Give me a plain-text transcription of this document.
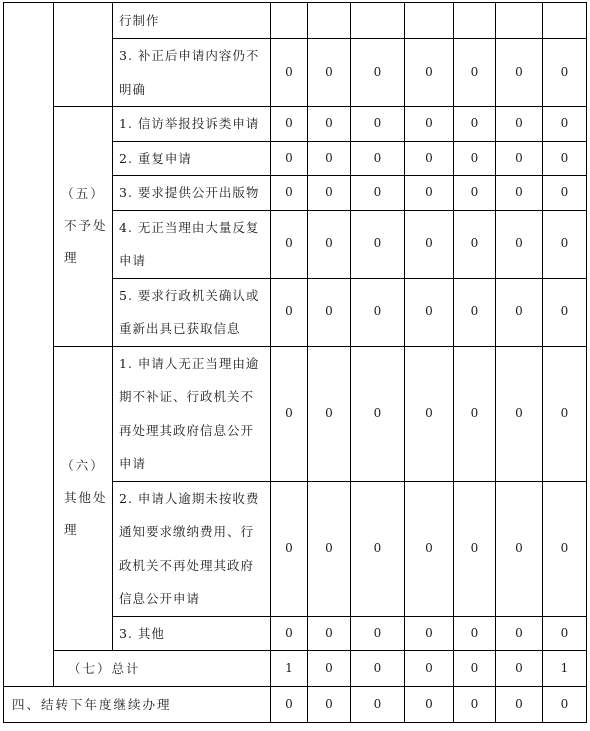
		行制作							
		3. 补正后申请内容仍不明确	0	0	0	0	0	0	0

	（五）
不予处理	1. 信访举报投诉类申请	0	0	0	0	0	0	0
		2. 重复申请	0	0	0	0	0	0	0
		3. 要求提供公开出版物	0	0	0	0	0	0	0
		4. 无正当理由大量反复申请	0	0	0	0	0	0	0
		5. 要求行政机关确认或重新出具已获取信息	0	0	0	0	0	0	0

	（六）
其他处理	1. 申请人无正当理由逾期不补证、行政机关不再处理其政府信息公开申请	0	0	0	0	0	0	0
		2. 申请人逾期未按收费通知要求缴纳费用、行政机关不再处理其政府信息公开申请	0	0	0	0	0	0	0
		3. 其他	0	0	0	0	0	0	0
	（七）总计		1	0	0	0	0	0	1
四、结转下年度继续办理			0	0	0	0	0	0	0
